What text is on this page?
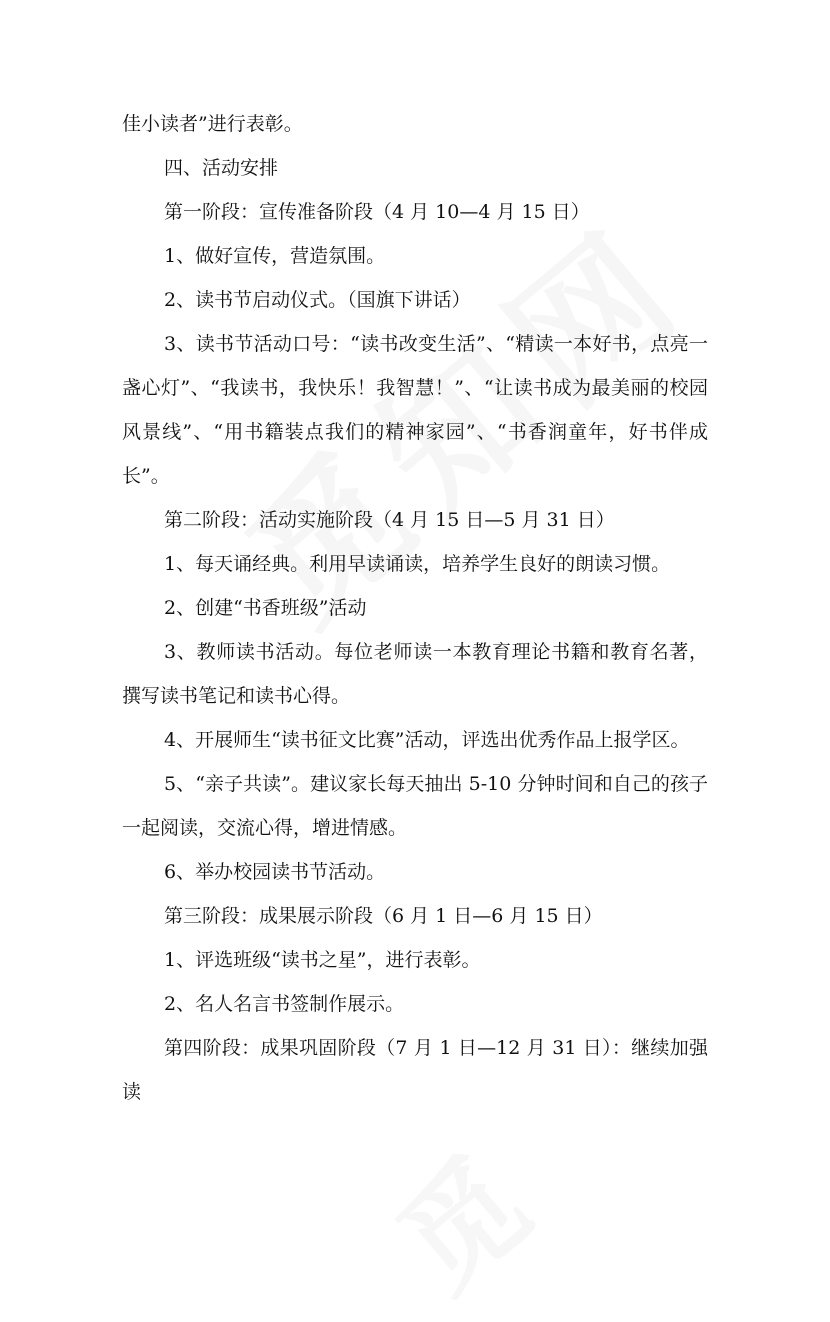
佳小读者”进行表彰。

四、活动安排

第一阶段：宣传准备阶段（4 月 10—4 月 15 日）

1、做好宣传，营造氛围。

2、读书节启动仪式。（国旗下讲话）

3、读书节活动口号：“读书改变生活”、“精读一本好书，点亮一盏心灯”、“我读书，我快乐！我智慧！”、“让读书成为最美丽的校园风景线”、“用书籍装点我们的精神家园”、“书香润童年，好书伴成长”。

第二阶段：活动实施阶段（4 月 15 日—5 月 31 日）

1、每天诵经典。利用早读诵读，培养学生良好的朗读习惯。

2、创建“书香班级”活动

3、教师读书活动。每位老师读一本教育理论书籍和教育名著，撰写读书笔记和读书心得。

4、开展师生“读书征文比赛”活动，评选出优秀作品上报学区。

5、“亲子共读”。建议家长每天抽出 5-10 分钟时间和自己的孩子一起阅读，交流心得，增进情感。

6、举办校园读书节活动。

第三阶段：成果展示阶段（6 月 1 日—6 月 15 日）

1、评选班级“读书之星”，进行表彰。

2、名人名言书签制作展示。

第四阶段：成果巩固阶段（7 月 1 日—12 月 31 日）：继续加强读
